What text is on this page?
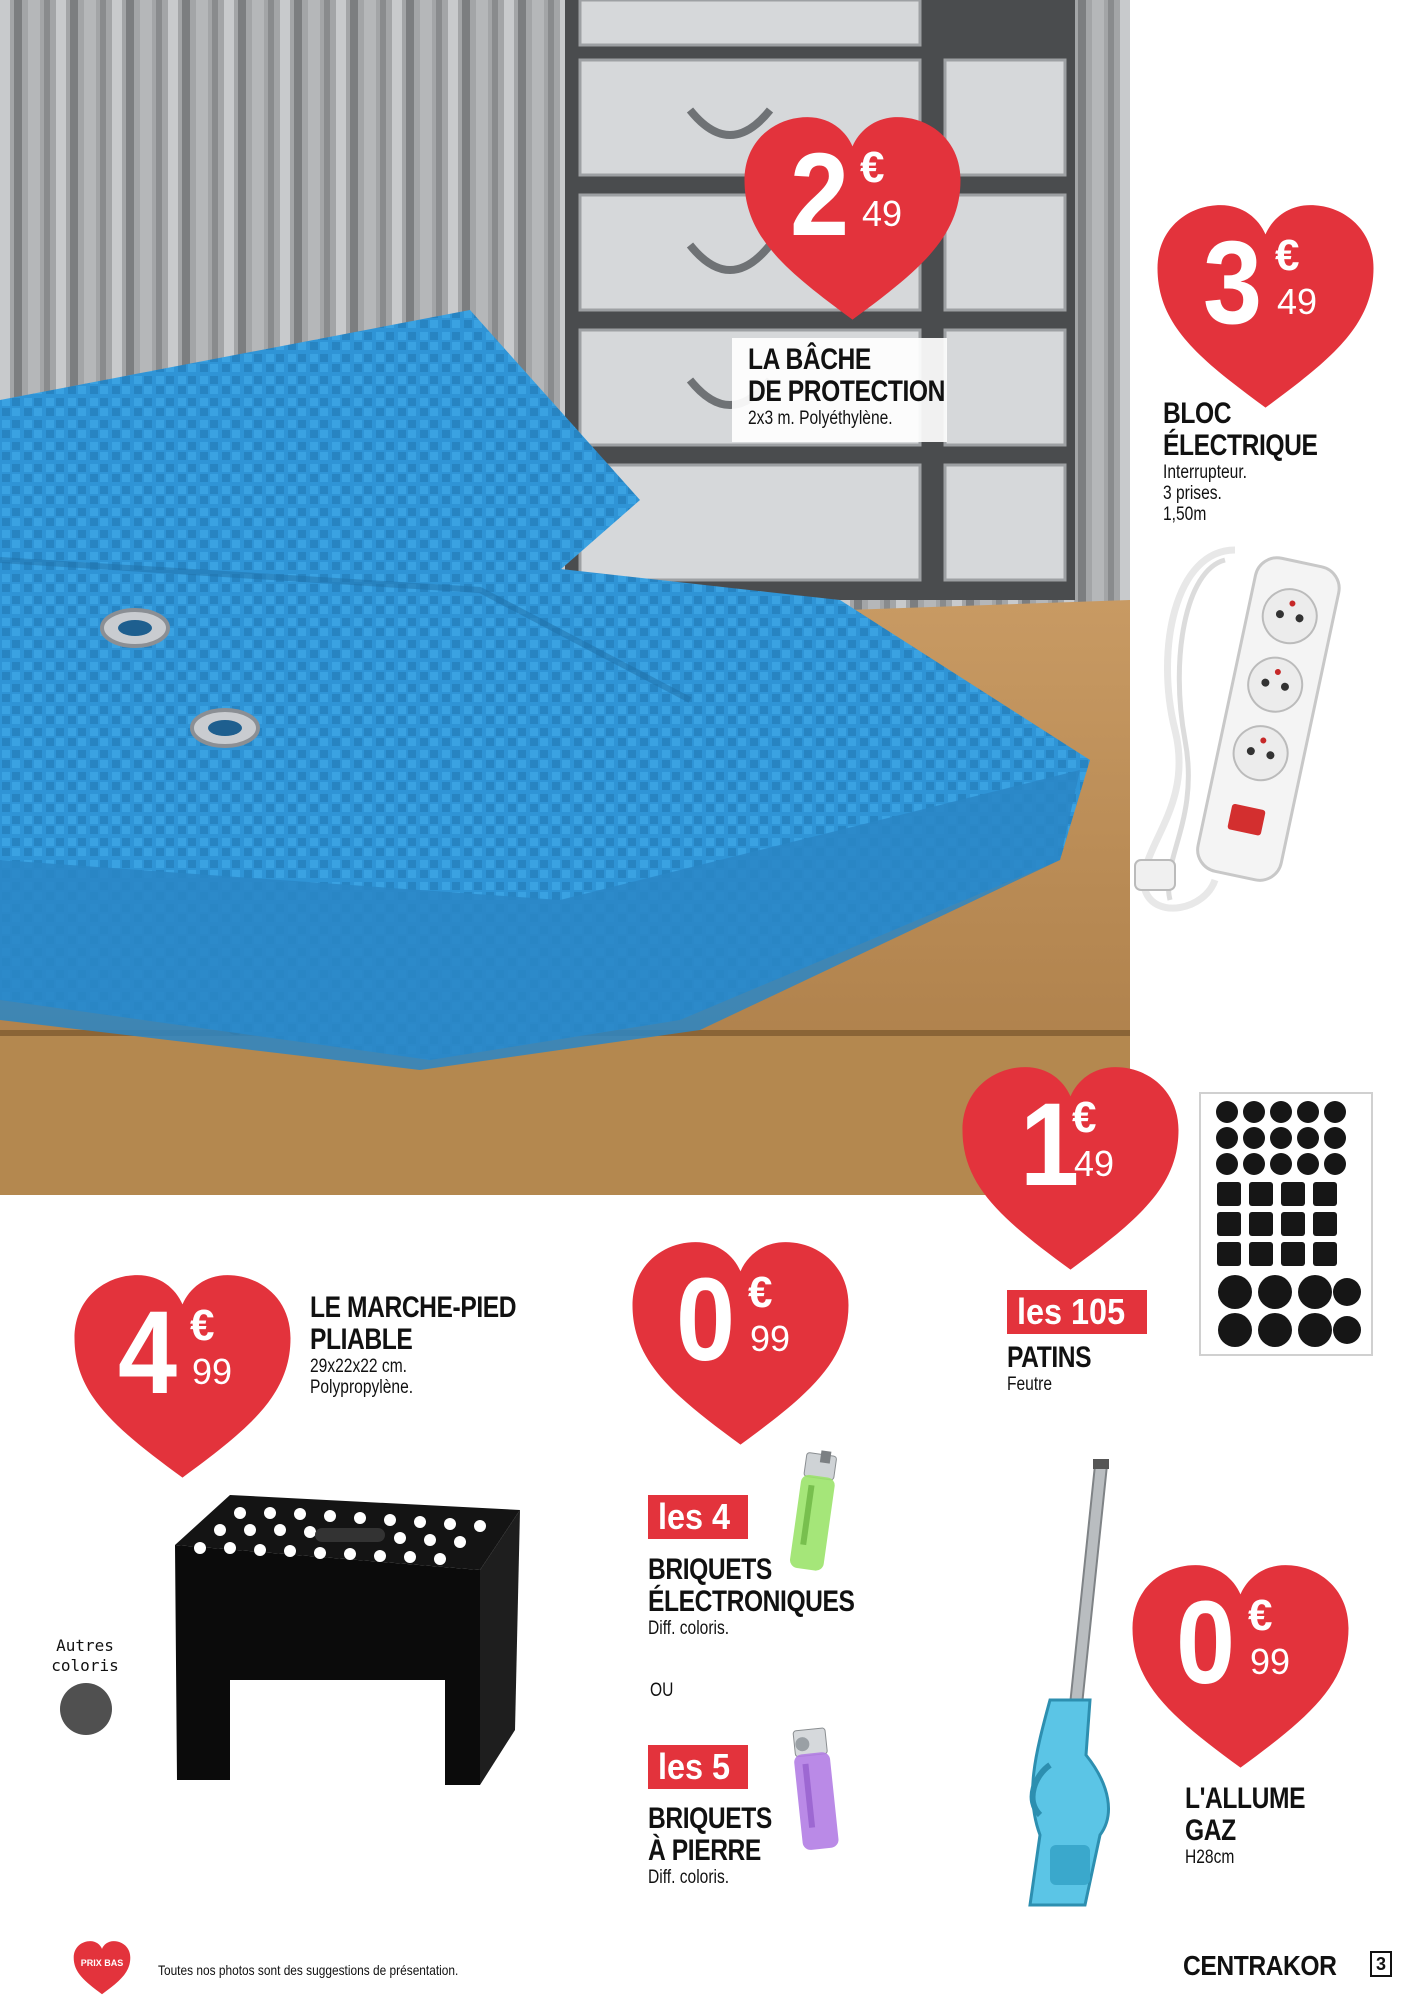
LA BÂCHE
DE PROTECTION
2x3 m. Polyéthylène.
2 €
49
3 €
49
1
€
49
4 €
99	0 €
99
0 €
99
BLOC
ÉLECTRIQUE
Interrupteur.
3 prises.
1,50m
les 105
PATINS
Feutre
LE MARCHE-PIED
PLIABLE
29x22x22 cm.
Polypropylène.
Autres
coloris
les 4
BRIQUETS
ÉLECTRONIQUES
Diff. coloris.
OU
les 5
BRIQUETS
À PIERRE
Diff. coloris.
L'ALLUME
GAZ
H28cm
PRIX BAS	Toutes nos photos sont des suggestions de présentation.	CENTRAKOR	3
